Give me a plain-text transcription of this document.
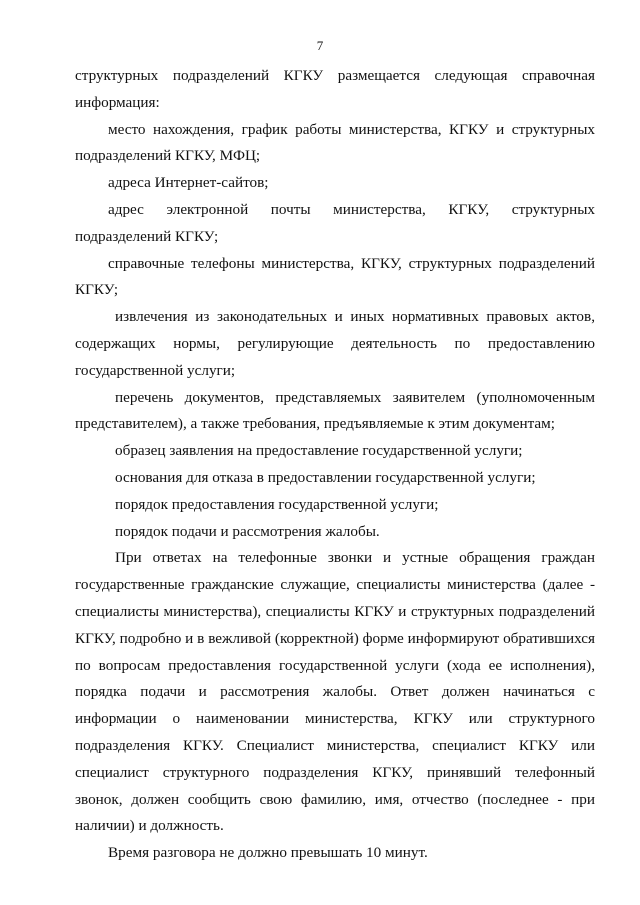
7

структурных подразделений КГКУ размещается следующая справочная информация:

место нахождения, график работы министерства, КГКУ и структурных подразделений КГКУ, МФЦ;

адреса Интернет-сайтов;

адрес электронной почты министерства, КГКУ, структурных подразделений КГКУ;

справочные телефоны министерства, КГКУ, структурных подразделений КГКУ;

извлечения из законодательных и иных нормативных правовых актов, содержащих нормы, регулирующие деятельность по предоставлению государственной услуги;

перечень документов, представляемых заявителем (уполномоченным представителем), а также требования, предъявляемые к этим документам;

образец заявления на предоставление государственной услуги;

основания для отказа в предоставлении государственной услуги;

порядок предоставления государственной услуги;

порядок подачи и рассмотрения жалобы.

При ответах на телефонные звонки и устные обращения граждан государственные гражданские служащие, специалисты министерства (далее - специалисты министерства), специалисты КГКУ и структурных подразделений КГКУ, подробно и в вежливой (корректной) форме информируют обратившихся по вопросам предоставления государственной услуги (хода ее исполнения), порядка подачи и рассмотрения жалобы. Ответ должен начинаться с информации о наименовании министерства, КГКУ или структурного подразделения КГКУ. Специалист министерства, специалист КГКУ или специалист структурного подразделения КГКУ, принявший телефонный звонок, должен сообщить свою фамилию, имя, отчество (последнее - при наличии) и должность.

Время разговора не должно превышать 10 минут.
